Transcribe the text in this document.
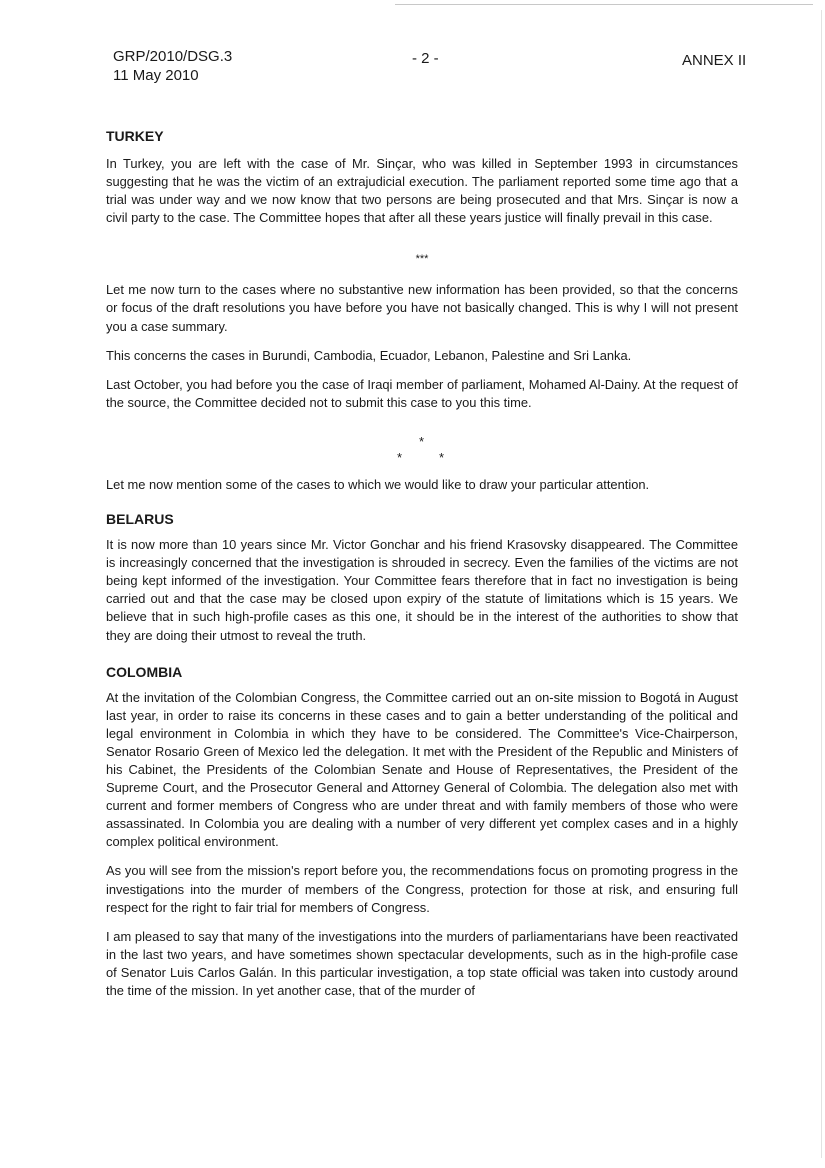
GRP/2010/DSG.3
11 May 2010
- 2 -	ANNEX II
TURKEY

In Turkey, you are left with the case of Mr. Sinçar, who was killed in September 1993 in circumstances suggesting that he was the victim of an extrajudicial execution. The parliament reported some time ago that a trial was under way and we now know that two persons are being prosecuted and that Mrs. Sinçar is now a civil party to the case. The Committee hopes that after all these years justice will finally prevail in this case.

***

Let me now turn to the cases where no substantive new information has been provided, so that the concerns or focus of the draft resolutions you have before you have not basically changed. This is why I will not present you a case summary.

This concerns the cases in Burundi, Cambodia, Ecuador, Lebanon, Palestine and Sri Lanka.

Last October, you had before you the case of Iraqi member of parliament, Mohamed Al-Dainy. At the request of the source, the Committee decided not to submit this case to you this time.

*
*	*

Let me now mention some of the cases to which we would like to draw your particular attention.

BELARUS

It is now more than 10 years since Mr. Victor Gonchar and his friend Krasovsky disappeared. The Committee is increasingly concerned that the investigation is shrouded in secrecy. Even the families of the victims are not being kept informed of the investigation. Your Committee fears therefore that in fact no investigation is being carried out and that the case may be closed upon expiry of the statute of limitations which is 15 years. We believe that in such high-profile cases as this one, it should be in the interest of the authorities to show that they are doing their utmost to reveal the truth.

COLOMBIA

At the invitation of the Colombian Congress, the Committee carried out an on-site mission to Bogotá in August last year, in order to raise its concerns in these cases and to gain a better understanding of the political and legal environment in Colombia in which they have to be considered. The Committee's Vice-Chairperson, Senator Rosario Green of Mexico led the delegation. It met with the President of the Republic and Ministers of his Cabinet, the Presidents of the Colombian Senate and House of Representatives, the President of the Supreme Court, and the Prosecutor General and Attorney General of Colombia. The delegation also met with current and former members of Congress who are under threat and with family members of those who were assassinated. In Colombia you are dealing with a number of very different yet complex cases and in a highly complex political environment.

As you will see from the mission's report before you, the recommendations focus on promoting progress in the investigations into the murder of members of the Congress, protection for those at risk, and ensuring full respect for the right to fair trial for members of Congress.

I am pleased to say that many of the investigations into the murders of parliamentarians have been reactivated in the last two years, and have sometimes shown spectacular developments, such as in the high-profile case of Senator Luis Carlos Galán. In this particular investigation, a top state official was taken into custody around the time of the mission. In yet another case, that of the murder of
